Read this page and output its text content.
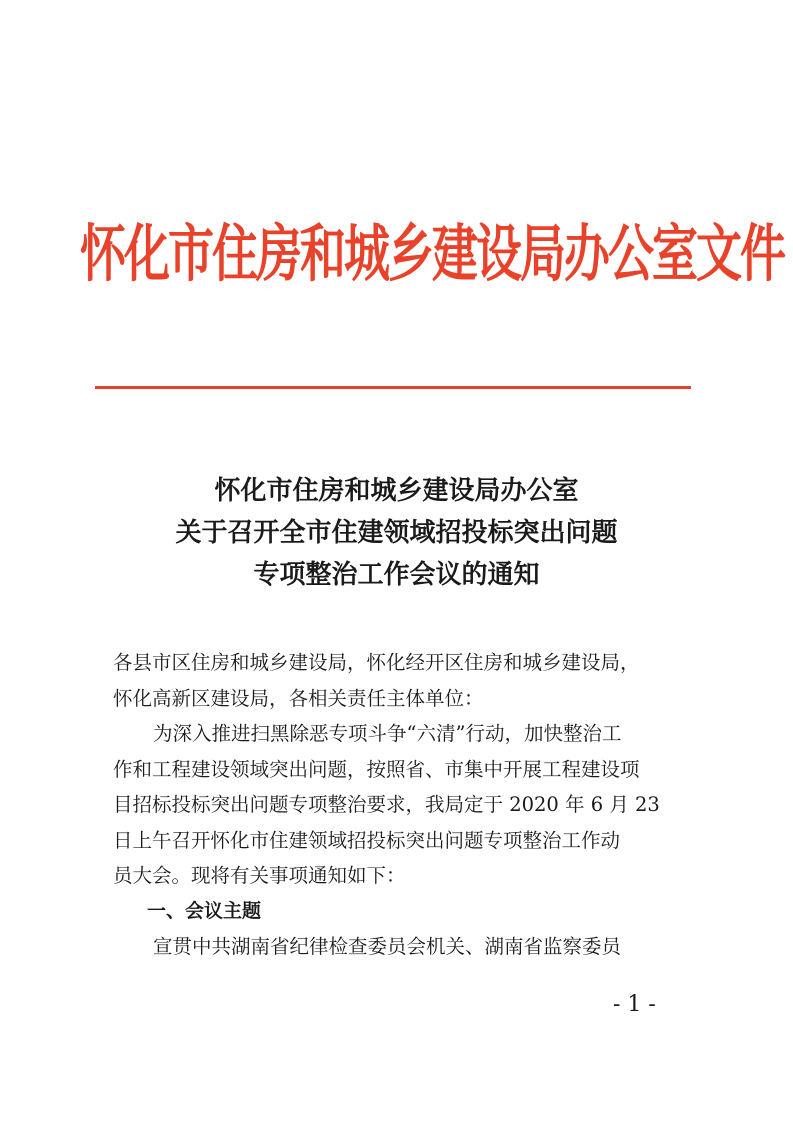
怀化市住房和城乡建设局办公室文件
怀化市住房和城乡建设局办公室
关于召开全市住建领域招投标突出问题
专项整治工作会议的通知
各县市区住房和城乡建设局，怀化经开区住房和城乡建设局，
怀化高新区建设局，各相关责任主体单位：
为深入推进扫黑除恶专项斗争“六清”行动，加快整治工
作和工程建设领域突出问题，按照省、市集中开展工程建设项
目招标投标突出问题专项整治要求，我局定于 2020 年 6 月 23
日上午召开怀化市住建领域招投标突出问题专项整治工作动
员大会。现将有关事项通知如下：
一、会议主题
宣贯中共湖南省纪律检查委员会机关、湖南省监察委员
- 1 -
